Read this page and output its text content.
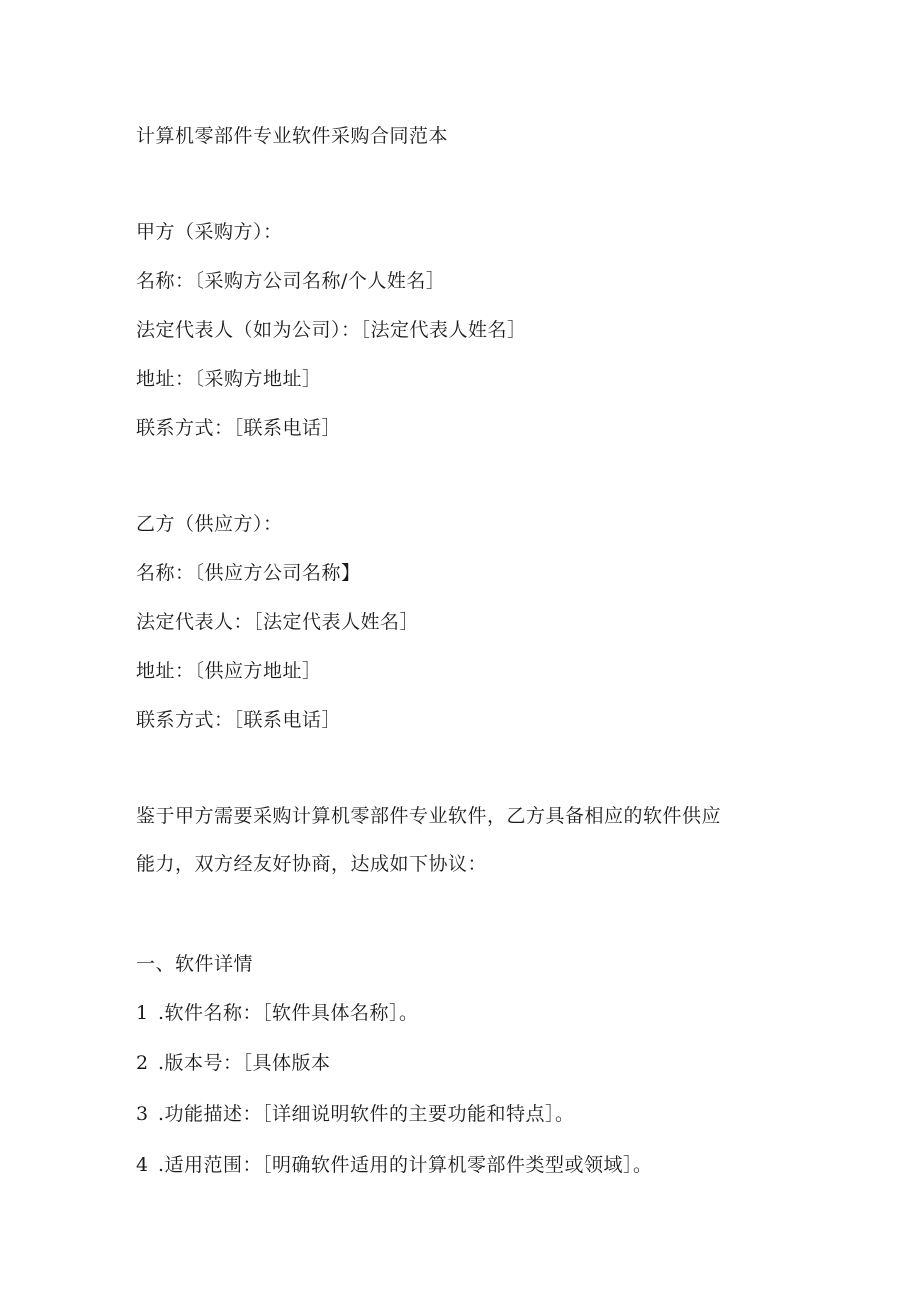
计算机零部件专业软件采购合同范本
甲方（采购方）：
名称：〔采购方公司名称/个人姓名］
法定代表人（如为公司）：［法定代表人姓名］
地址：〔采购方地址］
联系方式：［联系电话］
乙方（供应方）：
名称：〔供应方公司名称】
法定代表人：［法定代表人姓名］
地址：〔供应方地址］
联系方式：［联系电话］
鉴于甲方需要采购计算机零部件专业软件，乙方具备相应的软件供应
能力，双方经友好协商，达成如下协议：
一、软件详情
1 .软件名称：［软件具体名称］。
2 .版本号：［具体版本
3 .功能描述：［详细说明软件的主要功能和特点］。
4 .适用范围：［明确软件适用的计算机零部件类型或领域］。
